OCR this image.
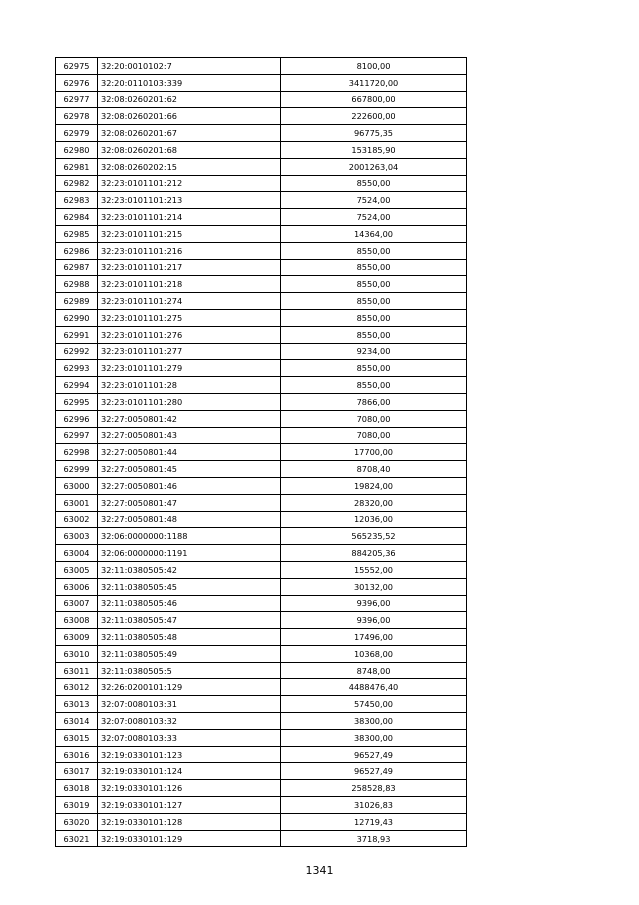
62975	32:20:0010102:7	8100,00
62976	32:20:0110103:339	3411720,00
62977	32:08:0260201:62	667800,00
62978	32:08:0260201:66	222600,00
62979	32:08:0260201:67	96775,35
62980	32:08:0260201:68	153185,90
62981	32:08:0260202:15	2001263,04
62982	32:23:0101101:212	8550,00
62983	32:23:0101101:213	7524,00
62984	32:23:0101101:214	7524,00
62985	32:23:0101101:215	14364,00
62986	32:23:0101101:216	8550,00
62987	32:23:0101101:217	8550,00
62988	32:23:0101101:218	8550,00
62989	32:23:0101101:274	8550,00
62990	32:23:0101101:275	8550,00
62991	32:23:0101101:276	8550,00
62992	32:23:0101101:277	9234,00
62993	32:23:0101101:279	8550,00
62994	32:23:0101101:28	8550,00
62995	32:23:0101101:280	7866,00
62996	32:27:0050801:42	7080,00
62997	32:27:0050801:43	7080,00
62998	32:27:0050801:44	17700,00
62999	32:27:0050801:45	8708,40
63000	32:27:0050801:46	19824,00
63001	32:27:0050801:47	28320,00
63002	32:27:0050801:48	12036,00
63003	32:06:0000000:1188	565235,52
63004	32:06:0000000:1191	884205,36
63005	32:11:0380505:42	15552,00
63006	32:11:0380505:45	30132,00
63007	32:11:0380505:46	9396,00
63008	32:11:0380505:47	9396,00
63009	32:11:0380505:48	17496,00
63010	32:11:0380505:49	10368,00
63011	32:11:0380505:5	8748,00
63012	32:26:0200101:129	4488476,40
63013	32:07:0080103:31	57450,00
63014	32:07:0080103:32	38300,00
63015	32:07:0080103:33	38300,00
63016	32:19:0330101:123	96527,49
63017	32:19:0330101:124	96527,49
63018	32:19:0330101:126	258528,83
63019	32:19:0330101:127	31026,83
63020	32:19:0330101:128	12719,43
63021	32:19:0330101:129	3718,93
1341
